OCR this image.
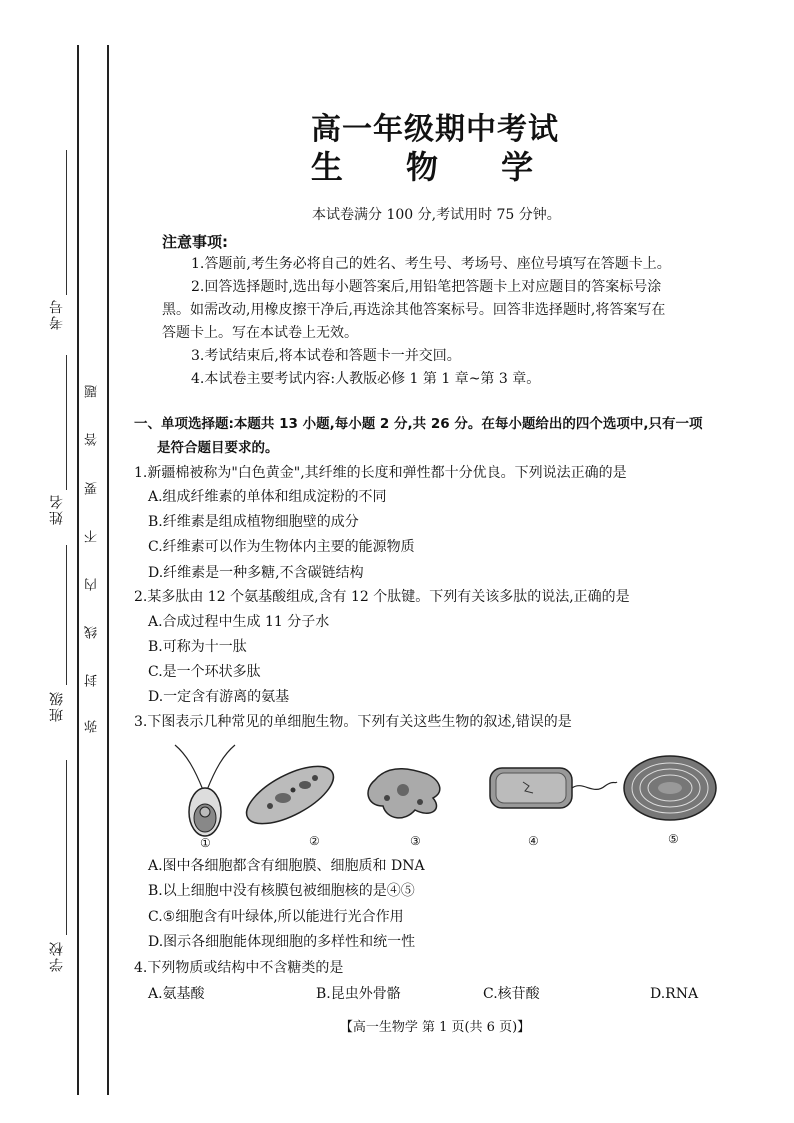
考号
姓名
班级
学校
题
答
要
不
内
线
封
弥
高一年级期中考试
生 物 学
本试卷满分 100 分,考试用时 75 分钟。
注意事项:
1.答题前,考生务必将自己的姓名、考生号、考场号、座位号填写在答题卡上。
2.回答选择题时,选出每小题答案后,用铅笔把答题卡上对应题目的答案标号涂
黑。如需改动,用橡皮擦干净后,再选涂其他答案标号。回答非选择题时,将答案写在
答题卡上。写在本试卷上无效。
3.考试结束后,将本试卷和答题卡一并交回。
4.本试卷主要考试内容:人教版必修 1 第 1 章~第 3 章。
一、单项选择题:本题共 13 小题,每小题 2 分,共 26 分。在每小题给出的四个选项中,只有一项
是符合题目要求的。
1.新疆棉被称为"白色黄金",其纤维的长度和弹性都十分优良。下列说法正确的是
A.组成纤维素的单体和组成淀粉的不同
B.纤维素是组成植物细胞壁的成分
C.纤维素可以作为生物体内主要的能源物质
D.纤维素是一种多糖,不含碳链结构
2.某多肽由 12 个氨基酸组成,含有 12 个肽键。下列有关该多肽的说法,正确的是
A.合成过程中生成 11 分子水
B.可称为十一肽
C.是一个环状多肽
D.一定含有游离的氨基
3.下图表示几种常见的单细胞生物。下列有关这些生物的叙述,错误的是
①	②	③	④	⑤
A.图中各细胞都含有细胞膜、细胞质和 DNA
B.以上细胞中没有核膜包被细胞核的是④⑤
C.⑤细胞含有叶绿体,所以能进行光合作用
D.图示各细胞能体现细胞的多样性和统一性
4.下列物质或结构中不含糖类的是
A.氨基酸	B.昆虫外骨骼	C.核苷酸	D.RNA
【高一生物学 第 1 页(共 6 页)】
